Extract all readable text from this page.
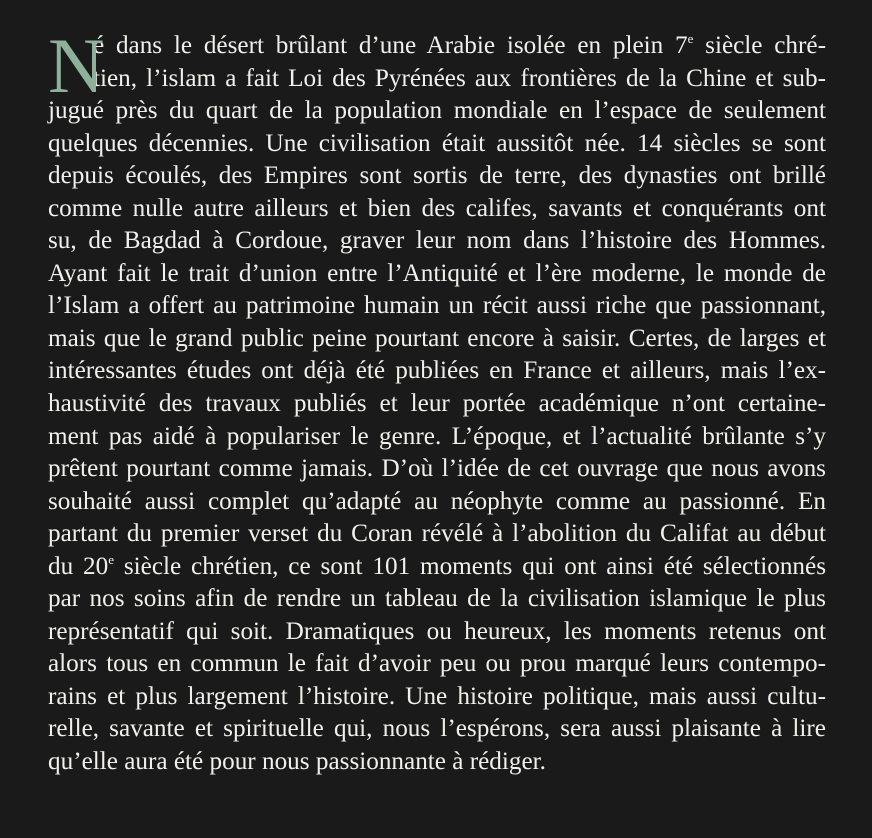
N
é dans le désert brûlant d’une Arabie isolée en plein 7e siècle chré-
tien, l’islam a fait Loi des Pyrénées aux frontières de la Chine et sub-
jugué près du quart de la population mondiale en l’espace de seulement
quelques décennies. Une civilisation était aussitôt née. 14 siècles se sont
depuis écoulés, des Empires sont sortis de terre, des dynasties ont brillé
comme nulle autre ailleurs et bien des califes, savants et conquérants ont
su, de Bagdad à Cordoue, graver leur nom dans l’histoire des Hommes.
Ayant fait le trait d’union entre l’Antiquité et l’ère moderne, le monde de
l’Islam a offert au patrimoine humain un récit aussi riche que passionnant,
mais que le grand public peine pourtant encore à saisir. Certes, de larges et
intéressantes études ont déjà été publiées en France et ailleurs, mais l’ex-
haustivité des travaux publiés et leur portée académique n’ont certaine-
ment pas aidé à populariser le genre. L’époque, et l’actualité brûlante s’y
prêtent pourtant comme jamais. D’où l’idée de cet ouvrage que nous avons
souhaité aussi complet qu’adapté au néophyte comme au passionné. En
partant du premier verset du Coran révélé à l’abolition du Califat au début
du 20e siècle chrétien, ce sont 101 moments qui ont ainsi été sélectionnés
par nos soins afin de rendre un tableau de la civilisation islamique le plus
représentatif qui soit. Dramatiques ou heureux, les moments retenus ont
alors tous en commun le fait d’avoir peu ou prou marqué leurs contempo-
rains et plus largement l’histoire. Une histoire politique, mais aussi cultu-
relle, savante et spirituelle qui, nous l’espérons, sera aussi plaisante à lire
qu’elle aura été pour nous passionnante à rédiger.
